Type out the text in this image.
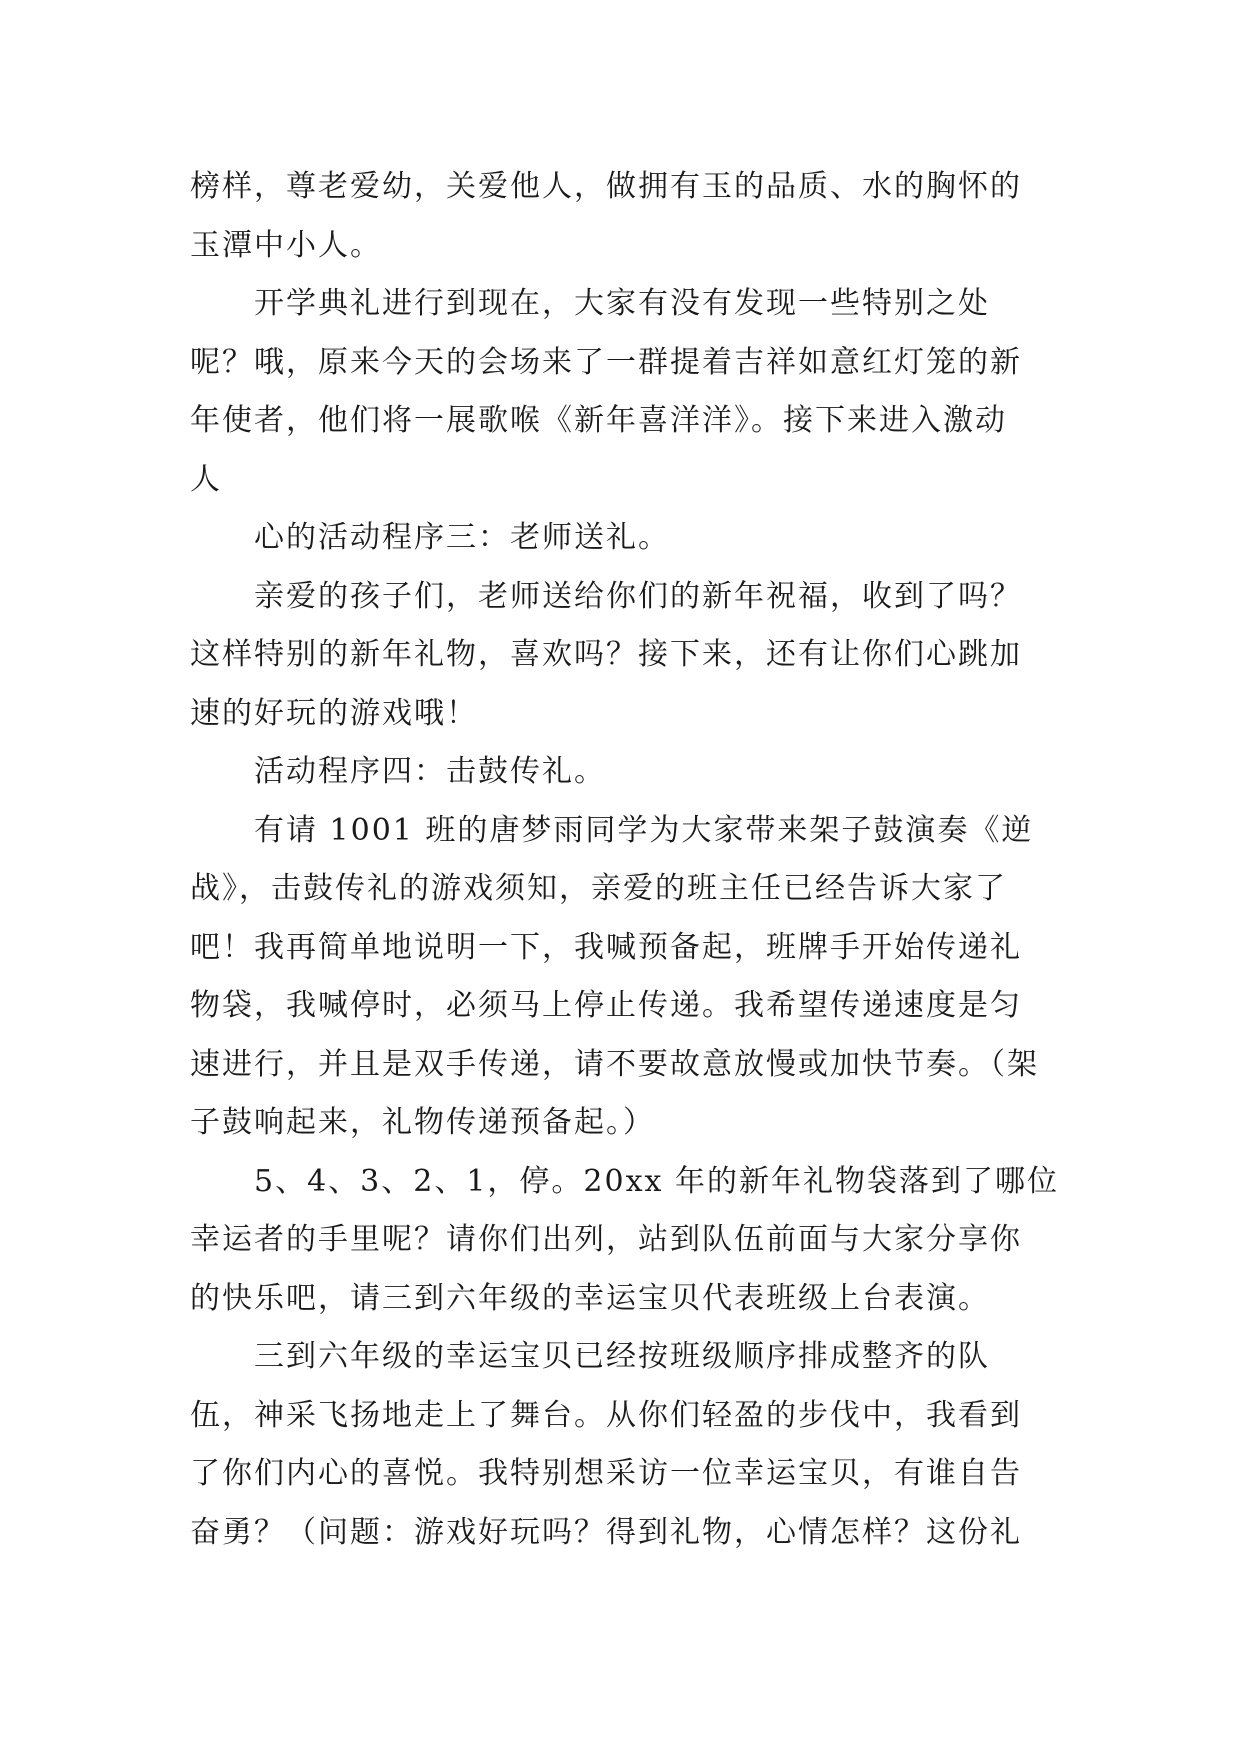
榜样，尊老爱幼，关爱他人，做拥有玉的品质、水的胸怀的
玉潭中小人。
开学典礼进行到现在，大家有没有发现一些特别之处
呢？哦，原来今天的会场来了一群提着吉祥如意红灯笼的新
年使者，他们将一展歌喉《新年喜洋洋》。接下来进入激动
人
心的活动程序三：老师送礼。
亲爱的孩子们，老师送给你们的新年祝福，收到了吗？
这样特别的新年礼物，喜欢吗？接下来，还有让你们心跳加
速的好玩的游戏哦！
活动程序四：击鼓传礼。
有请 1001 班的唐梦雨同学为大家带来架子鼓演奏《逆
战》，击鼓传礼的游戏须知，亲爱的班主任已经告诉大家了
吧！我再简单地说明一下，我喊预备起，班牌手开始传递礼
物袋，我喊停时，必须马上停止传递。我希望传递速度是匀
速进行，并且是双手传递，请不要故意放慢或加快节奏。（架
子鼓响起来，礼物传递预备起。）
5、4、3、2、1，停。20xx 年的新年礼物袋落到了哪位
幸运者的手里呢？请你们出列，站到队伍前面与大家分享你
的快乐吧，请三到六年级的幸运宝贝代表班级上台表演。
三到六年级的幸运宝贝已经按班级顺序排成整齐的队
伍，神采飞扬地走上了舞台。从你们轻盈的步伐中，我看到
了你们内心的喜悦。我特别想采访一位幸运宝贝，有谁自告
奋勇？（问题：游戏好玩吗？得到礼物，心情怎样？这份礼
